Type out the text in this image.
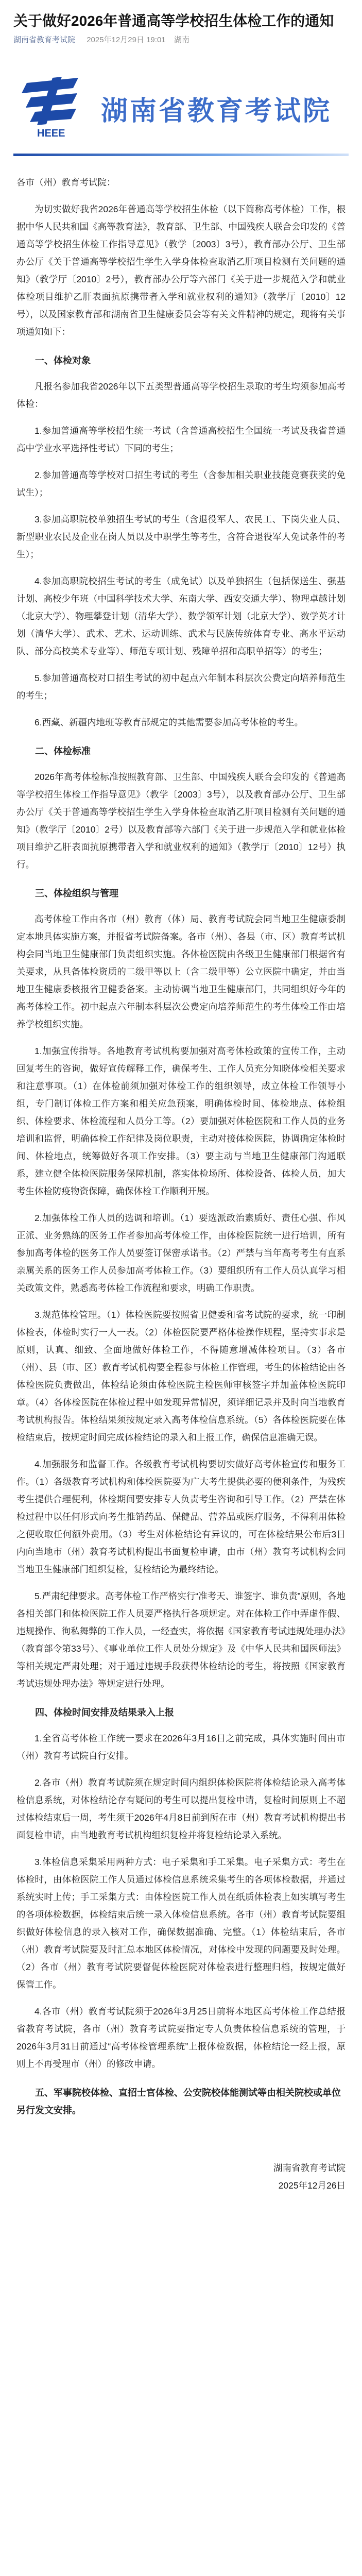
关于做好2026年普通高等学校招生体检工作的通知
湖南省教育考试院 2025年12月29日 19:01 湖南
HEEE
湖南省教育考试院

各市（州）教育考试院：

为切实做好我省2026年普通高等学校招生体检（以下简称高考体检）工作，根据中华人民共和国《高等教育法》，教育部、卫生部、中国残疾人联合会印发的《普通高等学校招生体检工作指导意见》（教学〔2003〕3号），教育部办公厅、卫生部办公厅《关于普通高等学校招生学生入学身体检查取消乙肝项目检测有关问题的通知》（教学厅〔2010〕2号），教育部办公厅等六部门《关于进一步规范入学和就业体检项目维护乙肝表面抗原携带者入学和就业权利的通知》（教学厅〔2010〕12号），以及国家教育部和湖南省卫生健康委员会等有关文件精神的规定，现将有关事项通知如下：

一、体检对象

凡报名参加我省2026年以下五类型普通高等学校招生录取的考生均须参加高考体检：

1.参加普通高等学校招生统一考试（含普通高校招生全国统一考试及我省普通高中学业水平选择性考试）下同的考生；

2.参加普通高等学校对口招生考试的考生（含参加相关职业技能竞赛获奖的免试生）；

3.参加高职院校单独招生考试的考生（含退役军人、农民工、下岗失业人员、新型职业农民及企业在岗人员以及中职学生等考生，含符合退役军人免试条件的考生）；

4.参加高职院校招生考试的考生（成免试）以及单独招生（包括保送生、强基计划、高校少年班（中国科学技术大学、东南大学、西安交通大学）、物理卓越计划（北京大学）、物理攀登计划（清华大学）、数学领军计划（北京大学）、数学英才计划（清华大学）、武术、艺术、运动训练、武术与民族传统体育专业、高水平运动队、部分高校美术专业等）、师范专项计划、残障单招和高职单招等）的考生；

5.参加普通高校对口招生考试的初中起点六年制本科层次公费定向培养师范生的考生；

6.西藏、新疆内地班等教育部规定的其他需要参加高考体检的考生。

二、体检标准

2026年高考体检标准按照教育部、卫生部、中国残疾人联合会印发的《普通高等学校招生体检工作指导意见》（教学〔2003〕3号），以及教育部办公厅、卫生部办公厅《关于普通高等学校招生学生入学身体检查取消乙肝项目检测有关问题的通知》（教学厅〔2010〕2号）以及教育部等六部门《关于进一步规范入学和就业体检项目维护乙肝表面抗原携带者入学和就业权利的通知》（教学厅〔2010〕12号）执行。

三、体检组织与管理

高考体检工作由各市（州）教育（体）局、教育考试院会同当地卫生健康委制定本地具体实施方案，并报省考试院备案。各市（州）、各县（市、区）教育考试机构会同当地卫生健康部门负责组织实施。各体检医院由各级卫生健康部门根据省有关要求，从具备体检资质的二级甲等以上（含二级甲等）公立医院中确定，并由当地卫生健康委核报省卫健委备案。主动协调当地卫生健康部门，共同组织好今年的高考体检工作。初中起点六年制本科层次公费定向培养师范生的考生体检工作由培养学校组织实施。

1.加强宣传指导。各地教育考试机构要加强对高考体检政策的宣传工作，主动回复考生的咨询，做好宣传解释工作，确保考生、工作人员充分知晓体检相关要求和注意事项。（1）在体检前须加强对体检工作的组织领导，成立体检工作领导小组，专门制订体检工作方案和相关应急预案，明确体检时间、体检地点、体检组织、体检要求、体检流程和人员分工等。（2）要加强对体检医院和工作人员的业务培训和监督，明确体检工作纪律及岗位职责，主动对接体检医院，协调确定体检时间、体检地点，统筹做好各项工作安排。（3）要主动与当地卫生健康部门沟通联系，建立健全体检医院服务保障机制，落实体检场所、体检设备、体检人员，加大考生体检防疫物资保障，确保体检工作顺利开展。

2.加强体检工作人员的选调和培训。（1）要选派政治素质好、责任心强、作风正派、业务熟练的医务工作者参加高考体检工作，由体检医院统一进行培训，所有参加高考体检的医务工作人员要签订保密承诺书。（2）严禁与当年高考考生有直系亲属关系的医务工作人员参加高考体检工作。（3）要组织所有工作人员认真学习相关政策文件，熟悉高考体检工作流程和要求，明确工作职责。

3.规范体检管理。（1）体检医院要按照省卫健委和省考试院的要求，统一印制体检表，体检时实行一人一表。（2）体检医院要严格体检操作规程，坚持实事求是原则，认真、细致、全面地做好体检工作，不得随意增减体检项目。（3）各市（州）、县（市、区）教育考试机构要全程参与体检工作管理，考生的体检结论由各体检医院负责做出，体检结论须由体检医院主检医师审核签字并加盖体检医院印章。（4）各体检医院在体检过程中如发现异常情况，须详细记录并及时向当地教育考试机构报告。体检结果须按规定录入高考体检信息系统。（5）各体检医院要在体检结束后，按规定时间完成体检结论的录入和上报工作，确保信息准确无误。

4.加强服务和监督工作。各级教育考试机构要切实做好高考体检宣传和服务工作。（1）各级教育考试机构和体检医院要为广大考生提供必要的便利条件，为残疾考生提供合理便利，体检期间要安排专人负责考生咨询和引导工作。（2）严禁在体检过程中以任何形式向考生推销药品、保健品、营养品或医疗服务，不得利用体检之便收取任何额外费用。（3）考生对体检结论有异议的，可在体检结果公布后3日内向当地市（州）教育考试机构提出书面复检申请，由市（州）教育考试机构会同当地卫生健康部门组织复检，复检结论为最终结论。

5.严肃纪律要求。高考体检工作严格实行“准考天、谁签字、谁负责”原则，各地各相关部门和体检医院工作人员要严格执行各项规定。对在体检工作中弄虚作假、违规操作、徇私舞弊的工作人员，一经查实，将依据《国家教育考试违规处理办法》（教育部令第33号）、《事业单位工作人员处分规定》及《中华人民共和国医师法》等相关规定严肃处理；对于通过违规手段获得体检结论的考生，将按照《国家教育考试违规处理办法》等规定进行处理。

四、体检时间安排及结果录入上报

1.全省高考体检工作统一要求在2026年3月16日之前完成，具体实施时间由市（州）教育考试院自行安排。

2.各市（州）教育考试院须在规定时间内组织体检医院将体检结论录入高考体检信息系统，对体检结论存有疑问的考生可以提出复检申请，复检时间原则上不超过体检结束后一周，考生须于2026年4月8日前到所在市（州）教育考试机构提出书面复检申请，由当地教育考试机构组织复检并将复检结论录入系统。

3.体检信息采集采用两种方式：电子采集和手工采集。电子采集方式：考生在体检时，由体检医院工作人员通过体检信息系统采集考生的各项体检数据，并通过系统实时上传；手工采集方式：由体检医院工作人员在纸质体检表上如实填写考生的各项体检数据，体检结束后统一录入体检信息系统。各市（州）教育考试院要组织做好体检信息的录入核对工作，确保数据准确、完整。（1）体检结束后，各市（州）教育考试院要及时汇总本地区体检情况，对体检中发现的问题要及时处理。（2）各市（州）教育考试院要督促体检医院对体检表进行整理归档，按规定做好保管工作。

4.各市（州）教育考试院须于2026年3月25日前将本地区高考体检工作总结报省教育考试院，各市（州）教育考试院要指定专人负责体检信息系统的管理，于2026年3月31日前通过“高考体检管理系统”上报体检数据，体检结论一经上报，原则上不再受理市（州）的修改申请。

五、军事院校体检、直招士官体检、公安院校体能测试等由相关院校或单位另行发文安排。

湖南省教育考试院

2025年12月26日
